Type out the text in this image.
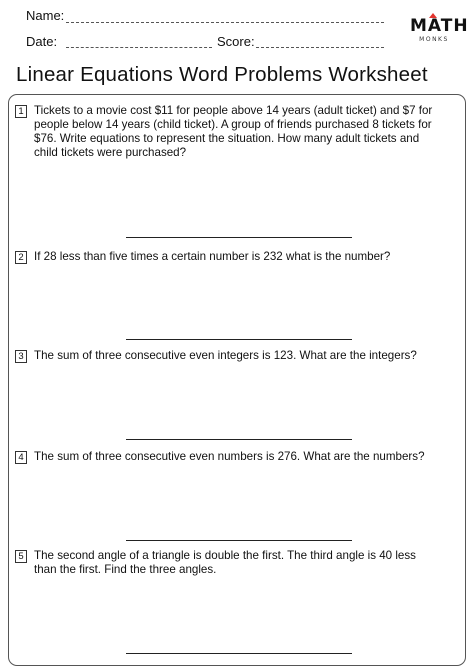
Name:
Date:	Score:
MATH
MONKS
Linear Equations Word Problems Worksheet
1 Tickets to a movie cost $11 for people above 14 years (adult ticket) and $7 for people below 14 years (child ticket). A group of friends purchased 8 tickets for $76. Write equations to represent the situation. How many adult tickets and child tickets were purchased?

2 If 28 less than five times a certain number is 232 what is the number?

3 The sum of three consecutive even integers is 123. What are the integers?

4 The sum of three consecutive even numbers is 276. What are the numbers?

5 The second angle of a triangle is double the first. The third angle is 40 less than the first. Find the three angles.
